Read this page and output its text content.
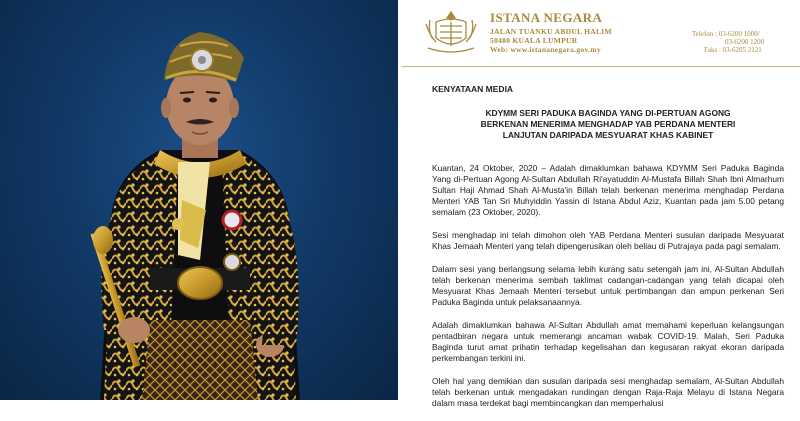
ISTANA NEGARA
JALAN TUANKU ABDUL HALIM
50480 KUALA LUMPUR
Web: www.istananegara.gov.my
Telefon : 03-6200 1000/
03-6200 1200
Faks : 03-6205 2121
KENYATAAN MEDIA
KDYMM SERI PADUKA BAGINDA YANG DI-PERTUAN AGONG
BERKENAN MENERIMA MENGHADAP YAB PERDANA MENTERI
LANJUTAN DARIPADA MESYUARAT KHAS KABINET

Kuantan, 24 Oktober, 2020 – Adalah dimaklumkan bahawa KDYMM Seri Paduka Baginda Yang di-Pertuan Agong Al-Sultan Abdullah Ri'ayatuddin Al-Mustafa Billah Shah Ibni Almarhum Sultan Haji Ahmad Shah Al-Musta'in Billah telah berkenan menerima menghadap Perdana Menteri YAB Tan Sri Muhyiddin Yassin di Istana Abdul Aziz, Kuantan pada jam 5.00 petang semalam (23 Oktober, 2020).

Sesi menghadap ini telah dimohon oleh YAB Perdana Menteri susulan daripada Mesyuarat Khas Jemaah Menteri yang telah dipengerusikan oleh beliau di Putrajaya pada pagi semalam.

Dalam sesi yang berlangsung selama lebih kurang satu setengah jam ini, Al-Sultan Abdullah telah berkenan menerima sembah taklimat cadangan-cadangan yang telah dicapai oleh Mesyuarat Khas Jemaah Menteri tersebut untuk pertimbangan dan ampun perkenan Seri Paduka Baginda untuk pelaksanaannya.

Adalah dimaklumkan bahawa Al-Sultan Abdullah amat memahami keperluan kelangsungan pentadbiran negara untuk memerangi ancaman wabak COVID-19. Malah, Seri Paduka Baginda turut amat prihatin terhadap kegelisahan dan kegusaran rakyat ekoran daripada perkembangan terkini ini.

Oleh hal yang demikian dan susulan daripada sesi menghadap semalam, Al-Sultan Abdullah telah berkenan untuk mengadakan rundingan dengan Raja-Raja Melayu di Istana Negara dalam masa terdekat bagi membincangkan dan memperhalusi
